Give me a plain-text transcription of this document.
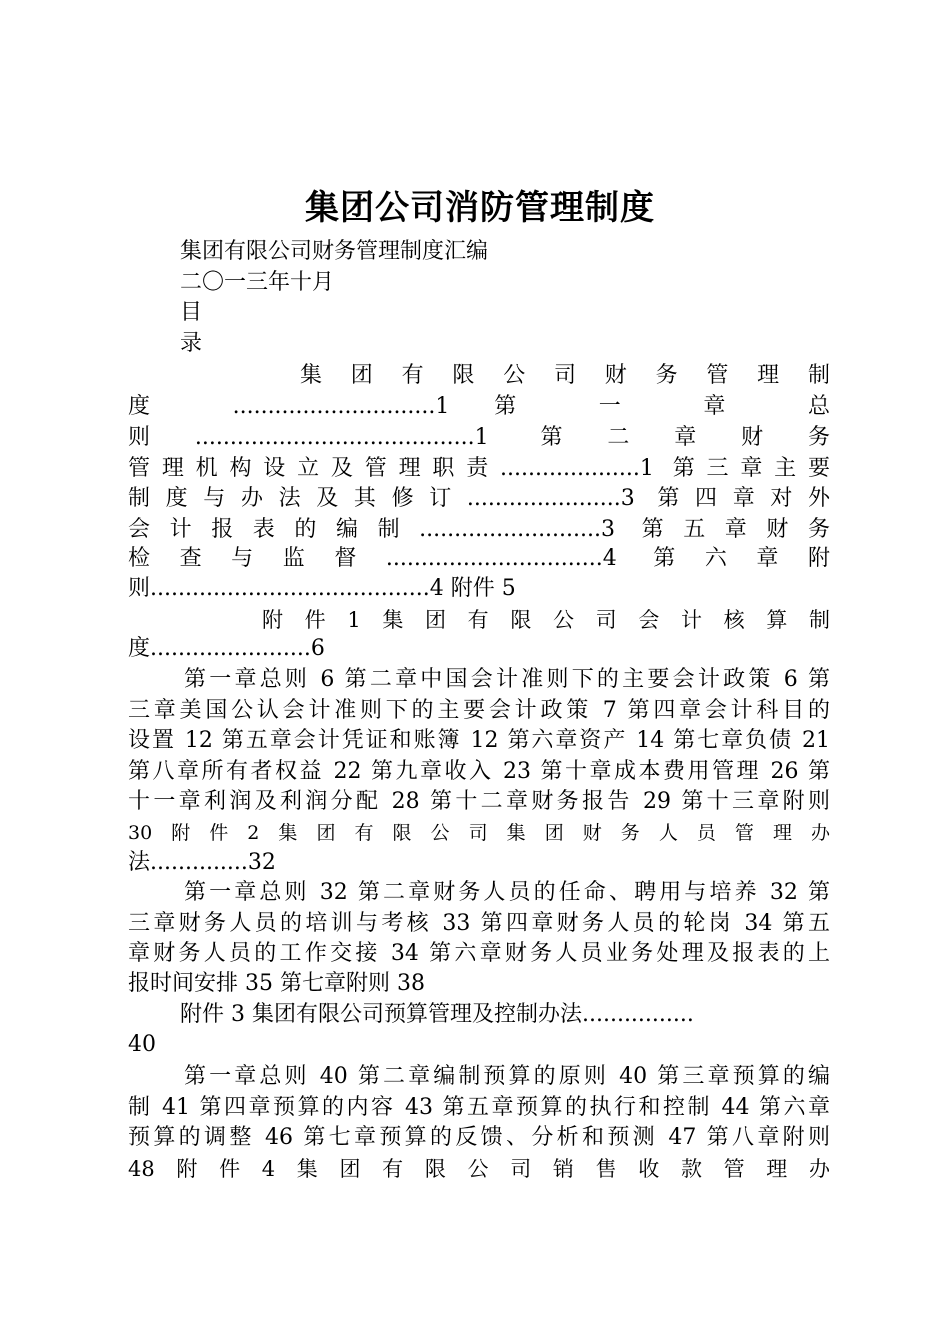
集团公司消防管理制度
集团有限公司财务管理制度汇编
二〇一三年十月
目
录
集　团　有　限　公　司　财　务　管　理　制
度 .............................1 第 一 章 总
则........................................1 第二章财务
管理机构设立及管理职责....................1 第三章主要
制度与办法及其修订......................3 第四章对外
会计报表的编制..........................3 第五章财务
检查与监督...............................4 第六章附
则........................................4 附件 5
附　件　1　集　团　有　限　公　司　会　计　核　算　制
度.......................6
第一章总则 6 第二章中国会计准则下的主要会计政策 6 第
三章美国公认会计准则下的主要会计政策 7 第四章会计科目的
设置 12 第五章会计凭证和账簿 12 第六章资产 14 第七章负债 21
第八章所有者权益 22 第九章收入 23 第十章成本费用管理 26 第
十一章利润及利润分配 28 第十二章财务报告 29 第十三章附则
30　附　件　2　集　团　有　限　公　司　集　团　财　务　人　员　管　理　办
法..............32
第一章总则 32 第二章财务人员的任命、聘用与培养 32 第
三章财务人员的培训与考核 33 第四章财务人员的轮岗 34 第五
章财务人员的工作交接 34 第六章财务人员业务处理及报表的上
报时间安排 35 第七章附则 38
附件 3 集团有限公司预算管理及控制办法................
40
第一章总则 40 第二章编制预算的原则 40 第三章预算的编
制 41 第四章预算的内容 43 第五章预算的执行和控制 44 第六章
预算的调整 46 第七章预算的反馈、分析和预测 47 第八章附则
48　附　件　4　集　团　有　限　公　司　销　售　收　款　管　理　办
